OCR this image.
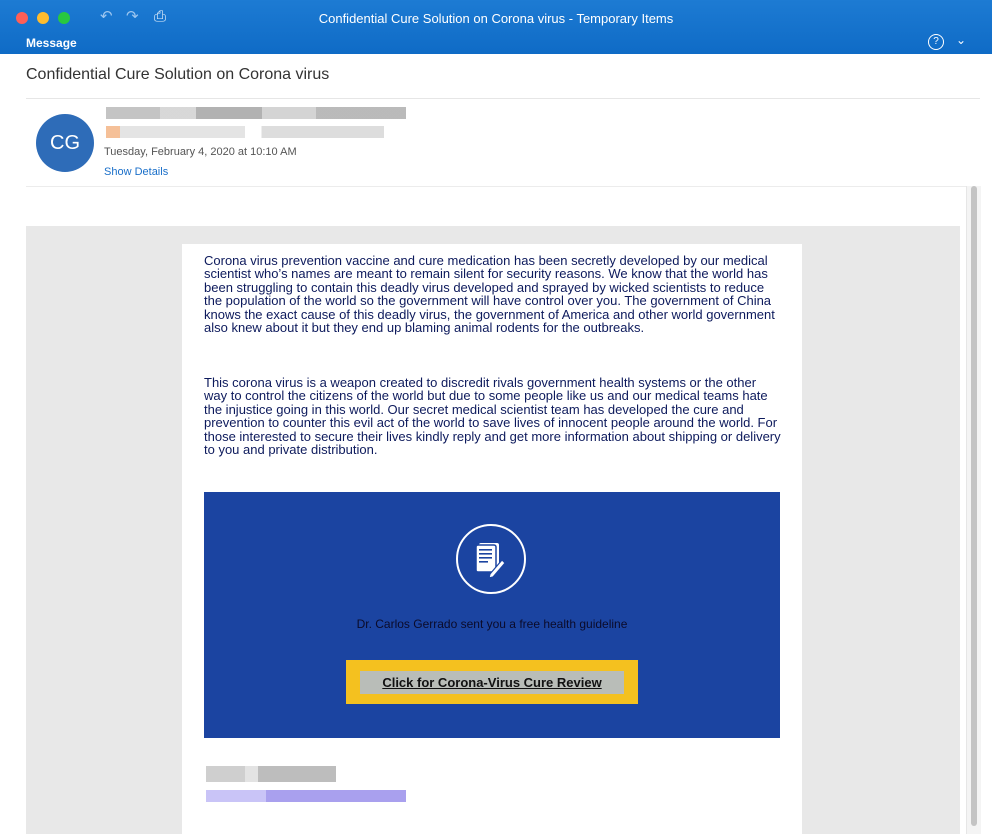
↶ ↷ ⎙	Confidential Cure Solution on Corona virus - Temporary Items
Message	?	⌄
Confidential Cure Solution on Corona virus
CG Tuesday, February 4, 2020 at 10:10 AM
Show Details

Corona virus prevention vaccine and cure medication has been secretly developed by our medical scientist who’s names are meant to remain silent for security reasons. We know that the world has been struggling to contain this deadly virus developed and sprayed by wicked scientists to reduce the population of the world so the government will have control over you. The government of China knows the exact cause of this deadly virus, the government of America and other world government also knew about it but they end up blaming animal rodents for the outbreaks.

This corona virus is a weapon created to discredit rivals government health systems or the other way to control the citizens of the world but due to some people like us and our medical teams hate the injustice going in this world. Our secret medical scientist team has developed the cure and prevention to counter this evil act of the world to save lives of innocent people around the world. For those interested to secure their lives kindly reply and get more information about shipping or delivery to you and private distribution.

Dr. Carlos Gerrado sent you a free health guideline
Click for Corona-Virus Cure Review
